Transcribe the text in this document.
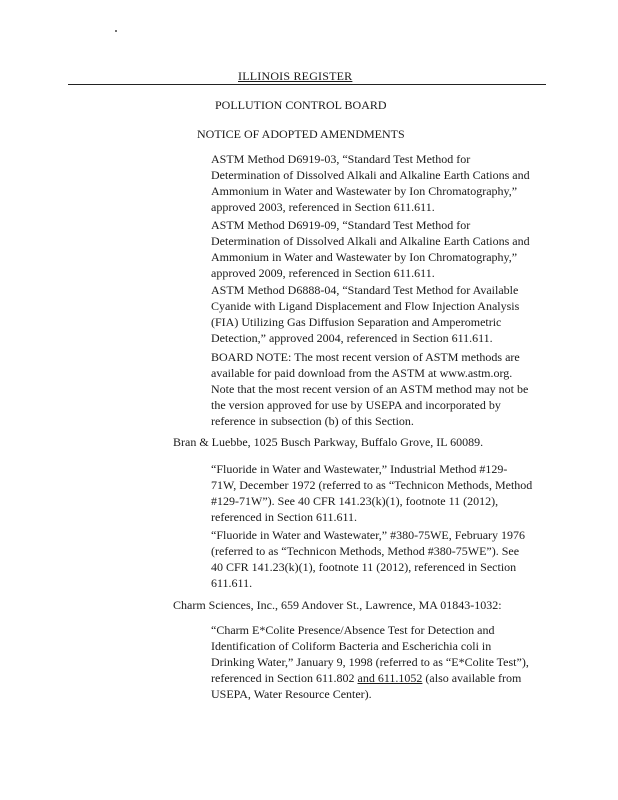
ILLINOIS REGISTER
POLLUTION CONTROL BOARD
NOTICE OF ADOPTED AMENDMENTS
ASTM Method D6919-03, “Standard Test Method for
Determination of Dissolved Alkali and Alkaline Earth Cations and
Ammonium in Water and Wastewater by Ion Chromatography,”
approved 2003, referenced in Section 611.611.
ASTM Method D6919-09, “Standard Test Method for
Determination of Dissolved Alkali and Alkaline Earth Cations and
Ammonium in Water and Wastewater by Ion Chromatography,”
approved 2009, referenced in Section 611.611.
ASTM Method D6888-04, “Standard Test Method for Available
Cyanide with Ligand Displacement and Flow Injection Analysis
(FIA) Utilizing Gas Diffusion Separation and Amperometric
Detection,” approved 2004, referenced in Section 611.611.
BOARD NOTE: The most recent version of ASTM methods are
available for paid download from the ASTM at www.astm.org.
Note that the most recent version of an ASTM method may not be
the version approved for use by USEPA and incorporated by
reference in subsection (b) of this Section.
Bran & Luebbe, 1025 Busch Parkway, Buffalo Grove, IL 60089.
“Fluoride in Water and Wastewater,” Industrial Method #129-
71W, December 1972 (referred to as “Technicon Methods, Method
#129-71W”). See 40 CFR 141.23(k)(1), footnote 11 (2012),
referenced in Section 611.611.
“Fluoride in Water and Wastewater,” #380-75WE, February 1976
(referred to as “Technicon Methods, Method #380-75WE”). See
40 CFR 141.23(k)(1), footnote 11 (2012), referenced in Section
611.611.
Charm Sciences, Inc., 659 Andover St., Lawrence, MA 01843-1032:
“Charm E*Colite Presence/Absence Test for Detection and
Identification of Coliform Bacteria and Escherichia coli in
Drinking Water,” January 9, 1998 (referred to as “E*Colite Test”),
referenced in Section 611.802 and 611.1052 (also available from
USEPA, Water Resource Center).
